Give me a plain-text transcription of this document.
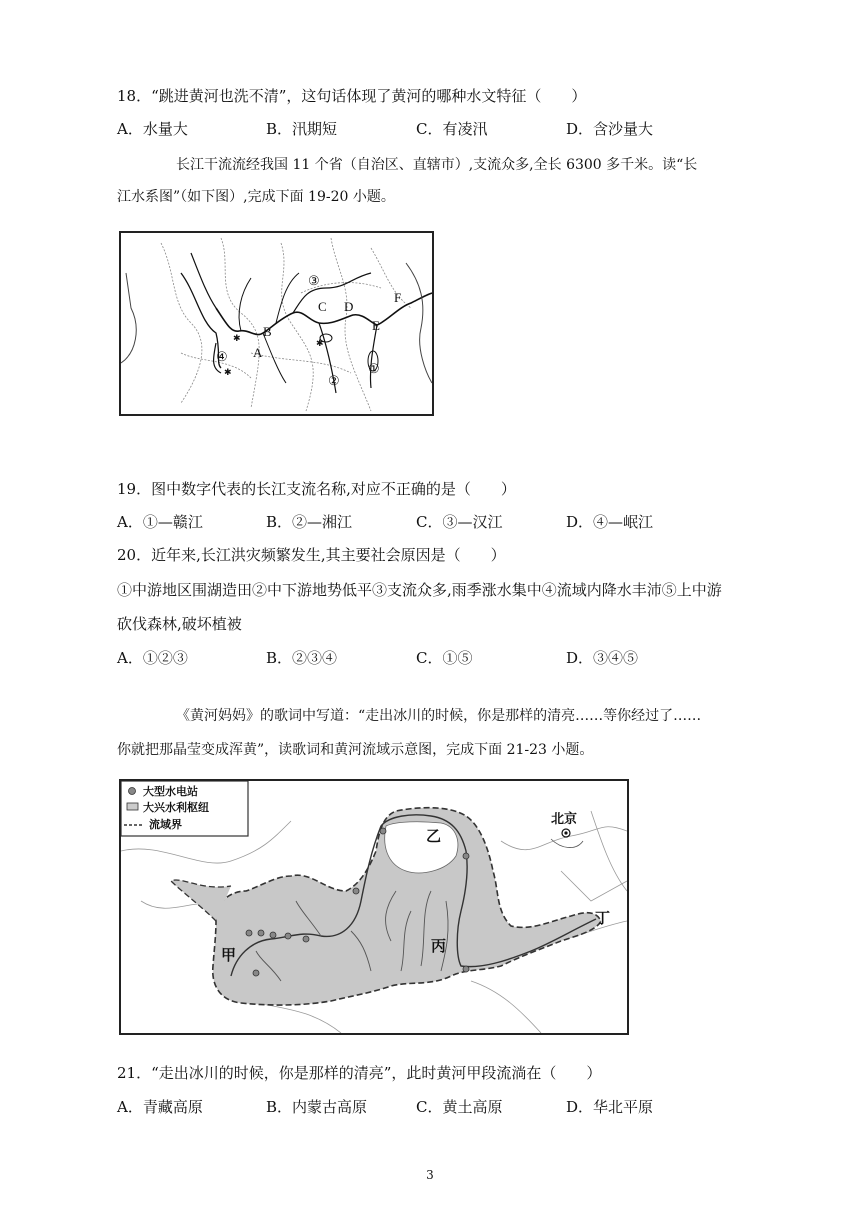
18．“跳进黄河也洗不清”，这句话体现了黄河的哪种水文特征（　　）
A．水量大	B．汛期短	C．有凌汛	D．含沙量大
长江干流流经我国 11 个省（自治区、直辖市）,支流众多,全长 6300 多千米。读“长
江水系图”（如下图）,完成下面 19-20 小题。
✱	✱
✱	①
②
③
④ A
B
C D
E
F
19．图中数字代表的长江支流名称,对应不正确的是（　　）
A．①—赣江	B．②—湘江	C．③—汉江	D．④—岷江
20．近年来,长江洪灾频繁发生,其主要社会原因是（　　）
①中游地区围湖造田②中下游地势低平③支流众多,雨季涨水集中④流域内降水丰沛⑤上中游
砍伐森林,破坏植被
A．①②③	B．②③④	C．①⑤	D．③④⑤
《黄河妈妈》的歌词中写道：“走出冰川的时候，你是那样的清亮……等你经过了……
你就把那晶莹变成浑黄”，读歌词和黄河流域示意图，完成下面 21-23 小题。
大型水电站
大兴水利枢纽
流域界
甲
乙
丙
丁
北京
21．“走出冰川的时候，你是那样的清亮”，此时黄河甲段流淌在（　　）
A．青藏高原	B．内蒙古高原	C．黄土高原	D．华北平原
3
